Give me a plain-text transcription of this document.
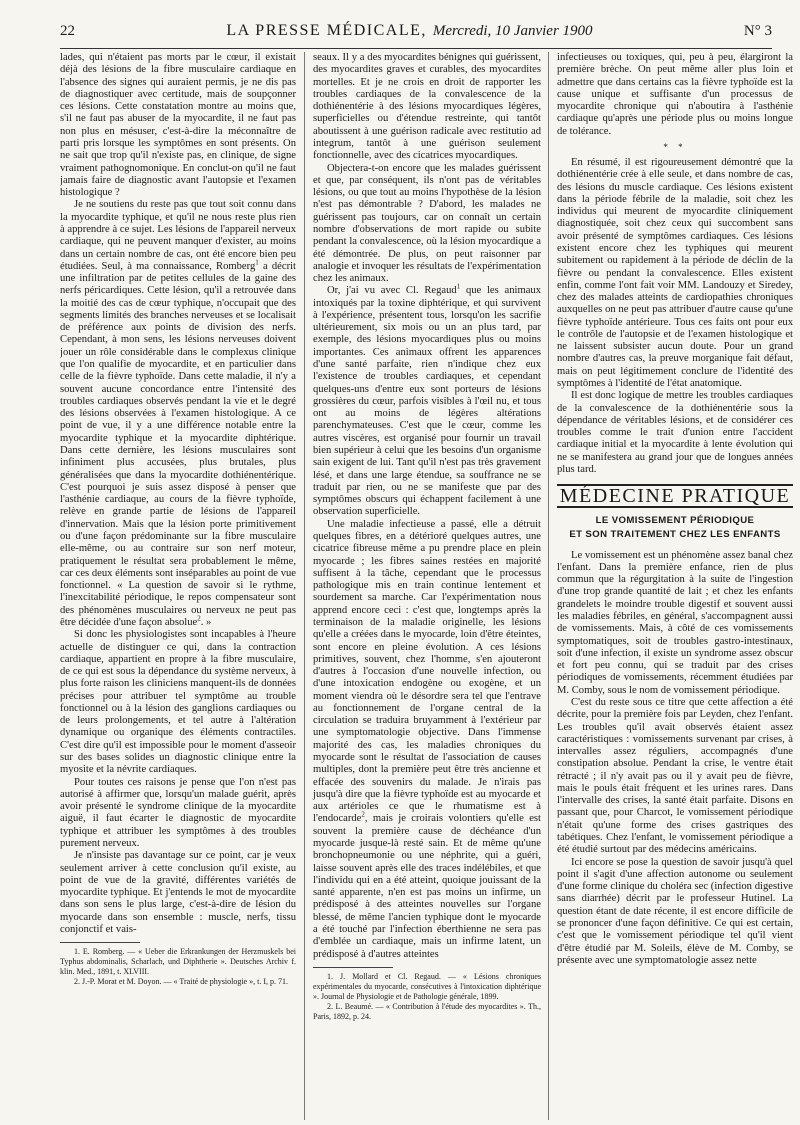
22	LA PRESSE MÉDICALE, Mercredi, 10 Janvier 1900	N° 3

lades, qui n'étaient pas morts par le cœur, il existait déjà des lésions de la fibre musculaire cardiaque en l'absence des signes qui auraient permis, je ne dis pas de diagnostiquer avec certitude, mais de soupçonner ces lésions. Cette constatation montre au moins que, s'il ne faut pas abuser de la myocardite, il ne faut pas non plus en mésuser, c'est-à-dire la méconnaître de parti pris lorsque les symptômes en sont présents. On ne sait que trop qu'il n'existe pas, en clinique, de signe vraiment pathognomonique. En conclut-on qu'il ne faut jamais faire de diagnostic avant l'autopsie et l'examen histologique ?

Je ne soutiens du reste pas que tout soit connu dans la myocardite typhique, et qu'il ne nous reste plus rien à apprendre à ce sujet. Les lésions de l'appareil nerveux cardiaque, qui ne peuvent manquer d'exister, au moins dans un certain nombre de cas, ont été encore bien peu étudiées. Seul, à ma connaissance, Romberg$^1$ a décrit une infiltration par de petites cellules de la gaine des nerfs péricardiques. Cette lésion, qu'il a retrouvée dans la moitié des cas de cœur typhique, n'occupait que des segments limités des branches nerveuses et se localisait de préférence aux points de division des nerfs. Cependant, à mon sens, les lésions nerveuses doivent jouer un rôle considérable dans le complexus clinique que l'on qualifie de myocardite, et en particulier dans celle de la fièvre typhoïde. Dans cette maladie, il n'y a souvent aucune concordance entre l'intensité des troubles cardiaques observés pendant la vie et le degré des lésions observées à l'examen histologique. A ce point de vue, il y a une différence notable entre la myocardite typhique et la myocardite diphtérique. Dans cette dernière, les lésions musculaires sont infiniment plus accusées, plus brutales, plus généralisées que dans la myocardite dothiénentérique. C'est pourquoi je suis assez disposé à penser que l'asthénie cardiaque, au cours de la fièvre typhoïde, relève en grande partie de lésions de l'appareil d'innervation. Mais que la lésion porte primitivement ou d'une façon prédominante sur la fibre musculaire elle-même, ou au contraire sur son nerf moteur, pratiquement le résultat sera probablement le même, car ces deux éléments sont inséparables au point de vue fonctionnel. « La question de savoir si le rythme, l'inexcitabilité périodique, le repos compensateur sont des phénomènes musculaires ou nerveux ne peut pas être décidée d'une façon absolue$^2$. »

Si donc les physiologistes sont incapables à l'heure actuelle de distinguer ce qui, dans la contraction cardiaque, appartient en propre à la fibre musculaire, de ce qui est sous la dépendance du système nerveux, à plus forte raison les cliniciens manquent-ils de données précises pour attribuer tel symptôme au trouble fonctionnel ou à la lésion des ganglions cardiaques ou de leurs prolongements, et tel autre à l'altération dynamique ou organique des éléments contractiles. C'est dire qu'il est impossible pour le moment d'asseoir sur des bases solides un diagnostic clinique entre la myosite et la névrite cardiaques.

Pour toutes ces raisons je pense que l'on n'est pas autorisé à affirmer que, lorsqu'un malade guérit, après avoir présenté le syndrome clinique de la myocardite aiguë, il faut écarter le diagnostic de myocardite typhique et attribuer les symptômes à des troubles purement nerveux.

Je n'insiste pas davantage sur ce point, car je veux seulement arriver à cette conclusion qu'il existe, au point de vue de la gravité, différentes variétés de myocardite typhique. Et j'entends le mot de myocardite dans son sens le plus large, c'est-à-dire de lésion du myocarde dans son ensemble : muscle, nerfs, tissu conjonctif et vais-

1. E. Romberg. — « Ueber die Erkrankungen der Herzmuskels bei Typhus abdominalis, Scharlach, und Diphtherie ». Deutsches Archiv f. klin. Med., 1891, t. XLVIII.

2. J.-P. Morat et M. Doyon. — « Traité de physiologie », t. I, p. 71.

seaux. Il y a des myocardites bénignes qui guérissent, des myocardites graves et curables, des myocardites mortelles. Et je ne crois en droit de rapporter les troubles cardiaques de la convalescence de la dothiénentérie à des lésions myocardiques légères, superficielles ou d'étendue restreinte, qui tantôt aboutissent à une guérison radicale avec restitutio ad integrum, tantôt à une guérison seulement fonctionnelle, avec des cicatrices myocardiques.

Objectera-t-on encore que les malades guérissent et que, par conséquent, ils n'ont pas de véritables lésions, ou que tout au moins l'hypothèse de la lésion n'est pas démontrable ? D'abord, les malades ne guérissent pas toujours, car on connaît un certain nombre d'observations de mort rapide ou subite pendant la convalescence, où la lésion myocardique a été démontrée. De plus, on peut raisonner par analogie et invoquer les résultats de l'expérimentation chez les animaux.

Or, j'ai vu avec Cl. Regaud$^1$ que les animaux intoxiqués par la toxine diphtérique, et qui survivent à l'expérience, présentent tous, lorsqu'on les sacrifie ultérieurement, six mois ou un an plus tard, par exemple, des lésions myocardiques plus ou moins importantes. Ces animaux offrent les apparences d'une santé parfaite, rien n'indique chez eux l'existence de troubles cardiaques, et cependant quelques-uns d'entre eux sont porteurs de lésions grossières du cœur, parfois visibles à l'œil nu, et tous ont au moins de légères altérations parenchymateuses. C'est que le cœur, comme les autres viscères, est organisé pour fournir un travail bien supérieur à celui que les besoins d'un organisme sain exigent de lui. Tant qu'il n'est pas très gravement lésé, et dans une large étendue, sa souffrance ne se traduit par rien, ou ne se manifeste que par des symptômes obscurs qui échappent facilement à une observation superficielle.

Une maladie infectieuse a passé, elle a détruit quelques fibres, en a détérioré quelques autres, une cicatrice fibreuse même a pu prendre place en plein myocarde ; les fibres saines restées en majorité suffisent à la tâche, cependant que le processus pathologique mis en train continue lentement et sourdement sa marche. Car l'expérimentation nous apprend encore ceci : c'est que, longtemps après la terminaison de la maladie originelle, les lésions qu'elle a créées dans le myocarde, loin d'être éteintes, sont encore en pleine évolution. A ces lésions primitives, souvent, chez l'homme, s'en ajouteront d'autres à l'occasion d'une nouvelle infection, ou d'une intoxication endogène ou exogène, et un moment viendra où le désordre sera tel que l'entrave au fonctionnement de l'organe central de la circulation se traduira bruyamment à l'extérieur par une symptomatologie objective. Dans l'immense majorité des cas, les maladies chroniques du myocarde sont le résultat de l'association de causes multiples, dont la première peut être très ancienne et effacée des souvenirs du malade. Je n'irais pas jusqu'à dire que la fièvre typhoïde est au myocarde et aux artérioles ce que le rhumatisme est à l'endocarde$^2$, mais je croirais volontiers qu'elle est souvent la première cause de déchéance d'un myocarde jusque-là resté sain. Et de même qu'une bronchopneumonie ou une néphrite, qui a guéri, laisse souvent après elle des traces indélébiles, et que l'individu qui en a été atteint, quoique jouissant de la santé apparente, n'en est pas moins un infirme, un prédisposé à des atteintes nouvelles sur l'organe blessé, de même l'ancien typhique dont le myocarde a été touché par l'infection éberthienne ne sera pas d'emblée un cardiaque, mais un infirme latent, un prédisposé à d'autres atteintes

1. J. Mollard et Cl. Regaud. — « Lésions chroniques expérimentales du myocarde, consécutives à l'intoxication diphtérique ». Journal de Physiologie et de Pathologie générale, 1899.

2. L. Beaumé. — « Contribution à l'étude des myocardites ». Th., Paris, 1892, p. 24.

infectieuses ou toxiques, qui, peu à peu, élargiront la première brèche. On peut même aller plus loin et admettre que dans certains cas la fièvre typhoïde est la cause unique et suffisante d'un processus de myocardite chronique qui n'aboutira à l'asthénie cardiaque qu'après une période plus ou moins longue de tolérance.

* *

En résumé, il est rigoureusement démontré que la dothiénentérie crée à elle seule, et dans nombre de cas, des lésions du muscle cardiaque. Ces lésions existent dans la période fébrile de la maladie, soit chez les individus qui meurent de myocardite cliniquement diagnostiquée, soit chez ceux qui succombent sans avoir présenté de symptômes cardiaques. Ces lésions existent encore chez les typhiques qui meurent subitement ou rapidement à la période de déclin de la fièvre ou pendant la convalescence. Elles existent enfin, comme l'ont fait voir MM. Landouzy et Siredey, chez des malades atteints de cardiopathies chroniques auxquelles on ne peut pas attribuer d'autre cause qu'une fièvre typhoïde antérieure. Tous ces faits ont pour eux le contrôle de l'autopsie et de l'examen histologique et ne laissent subsister aucun doute. Pour un grand nombre d'autres cas, la preuve morganique fait défaut, mais on peut légitimement conclure de l'identité des symptômes à l'identité de l'état anatomique.

Il est donc logique de mettre les troubles cardiaques de la convalescence de la dothiénentérie sous la dépendance de véritables lésions, et de considérer ces troubles comme le trait d'union entre l'accident cardiaque initial et la myocardite à lente évolution qui ne se manifestera au grand jour que de longues années plus tard.

MÉDECINE PRATIQUE
LE VOMISSEMENT PÉRIODIQUE
ET SON TRAITEMENT CHEZ LES ENFANTS

Le vomissement est un phénomène assez banal chez l'enfant. Dans la première enfance, rien de plus commun que la régurgitation à la suite de l'ingestion d'une trop grande quantité de lait ; et chez les enfants grandelets le moindre trouble digestif et souvent aussi les maladies fébriles, en général, s'accompagnent aussi de vomissements. Mais, à côté de ces vomissements symptomatiques, soit de troubles gastro-intestinaux, soit d'une infection, il existe un syndrome assez obscur et fort peu connu, qui se traduit par des crises périodiques de vomissements, récemment étudiées par M. Comby, sous le nom de vomissement périodique.

C'est du reste sous ce titre que cette affection a été décrite, pour la première fois par Leyden, chez l'enfant. Les troubles qu'il avait observés étaient assez caractéristiques : vomissements survenant par crises, à intervalles assez réguliers, accompagnés d'une constipation absolue. Pendant la crise, le ventre était rétracté ; il n'y avait pas ou il y avait peu de fièvre, mais le pouls était fréquent et les urines rares. Dans l'intervalle des crises, la santé était parfaite. Disons en passant que, pour Charcot, le vomissement périodique n'était qu'une forme des crises gastriques des tabétiques. Chez l'enfant, le vomissement périodique a été étudié surtout par des médecins américains.

Ici encore se pose la question de savoir jusqu'à quel point il s'agit d'une affection autonome ou seulement d'une forme clinique du choléra sec (infection digestive sans diarrhée) décrit par le professeur Hutinel. La question étant de date récente, il est encore difficile de se prononcer d'une façon définitive. Ce qui est certain, c'est que le vomissement périodique tel qu'il vient d'être étudié par M. Soleils, élève de M. Comby, se présente avec une symptomatologie assez nette
